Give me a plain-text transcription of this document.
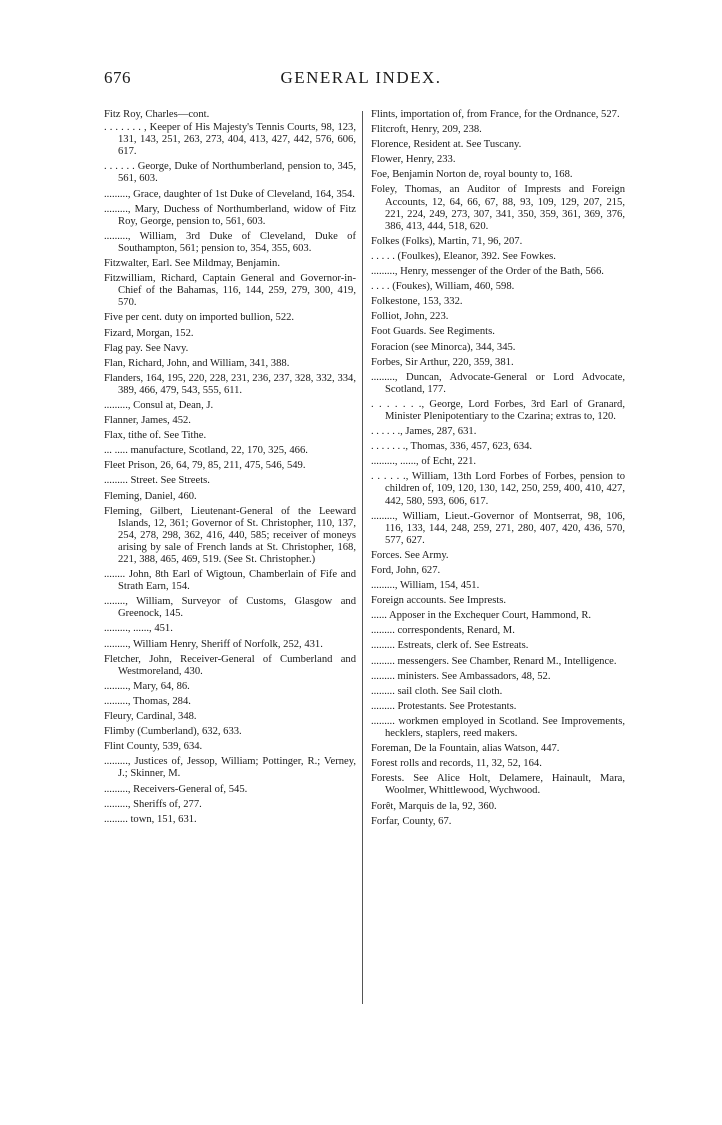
676	GENERAL INDEX.
Fitz Roy, Charles—cont.
. . . . . . . , Keeper of His Majesty's Tennis Courts, 98, 123, 131, 143, 251, 263, 273, 404, 413, 427, 442, 576, 606, 617.
. . . . . . George, Duke of Northumberland, pension to, 345, 561, 603.
........., Grace, daughter of 1st Duke of Cleveland, 164, 354.
........., Mary, Duchess of Northumberland, widow of Fitz Roy, George, pension to, 561, 603.
........., William, 3rd Duke of Cleveland, Duke of Southampton, 561; pension to, 354, 355, 603.
Fitzwalter, Earl. See Mildmay, Benjamin.
Fitzwilliam, Richard, Captain General and Governor-in-Chief of the Bahamas, 116, 144, 259, 279, 300, 419, 570.
Five per cent. duty on imported bullion, 522.
Fizard, Morgan, 152.
Flag pay. See Navy.
Flan, Richard, John, and William, 341, 388.
Flanders, 164, 195, 220, 228, 231, 236, 237, 328, 332, 334, 389, 466, 479, 543, 555, 611.
........., Consul at, Dean, J.
Flanner, James, 452.
Flax, tithe of. See Tithe.
... ..... manufacture, Scotland, 22, 170, 325, 466.
Fleet Prison, 26, 64, 79, 85, 211, 475, 546, 549.
......... Street. See Streets.
Fleming, Daniel, 460.
Fleming, Gilbert, Lieutenant-General of the Leeward Islands, 12, 361; Governor of St. Christopher, 110, 137, 254, 278, 298, 362, 416, 440, 585; receiver of moneys arising by sale of French lands at St. Christopher, 168, 221, 388, 465, 469, 519. (See St. Christopher.)
........ John, 8th Earl of Wigtoun, Chamberlain of Fife and Strath Earn, 154.
........, William, Surveyor of Customs, Glasgow and Greenock, 145.
........., ......, 451.
........., William Henry, Sheriff of Norfolk, 252, 431.
Fletcher, John, Receiver-General of Cumberland and Westmoreland, 430.
........., Mary, 64, 86.
........., Thomas, 284.
Fleury, Cardinal, 348.
Flimby (Cumberland), 632, 633.
Flint County, 539, 634.
........., Justices of, Jessop, William; Pottinger, R.; Verney, J.; Skinner, M.
........., Receivers-General of, 545.
........., Sheriffs of, 277.
......... town, 151, 631.
Flints, importation of, from France, for the Ordnance, 527.
Flitcroft, Henry, 209, 238.
Florence, Resident at. See Tuscany.
Flower, Henry, 233.
Foe, Benjamin Norton de, royal bounty to, 168.
Foley, Thomas, an Auditor of Imprests and Foreign Accounts, 12, 64, 66, 67, 88, 93, 109, 129, 207, 215, 221, 224, 249, 273, 307, 341, 350, 359, 361, 369, 376, 386, 413, 444, 518, 620.
Folkes (Folks), Martin, 71, 96, 207.
. . . . . (Foulkes), Eleanor, 392. See Fowkes.
........., Henry, messenger of the Order of the Bath, 566.
. . . . (Foukes), William, 460, 598.
Folkestone, 153, 332.
Folliot, John, 223.
Foot Guards. See Regiments.
Foracion (see Minorca), 344, 345.
Forbes, Sir Arthur, 220, 359, 381.
........., Duncan, Advocate-General or Lord Advocate, Scotland, 177.
. . . . . . ., George, Lord Forbes, 3rd Earl of Granard, Minister Plenipotentiary to the Czarina; extras to, 120.
. . . . . ., James, 287, 631.
. . . . . . ., Thomas, 336, 457, 623, 634.
........., ......, of Echt, 221.
. . . . . ., William, 13th Lord Forbes of Forbes, pension to children of, 109, 120, 130, 142, 250, 259, 400, 410, 427, 442, 580, 593, 606, 617.
........., William, Lieut.-Governor of Montserrat, 98, 106, 116, 133, 144, 248, 259, 271, 280, 407, 420, 436, 570, 577, 627.
Forces. See Army.
Ford, John, 627.
........., William, 154, 451.
Foreign accounts. See Imprests.
...... Apposer in the Exchequer Court, Hammond, R.
......... correspondents, Renard, M.
......... Estreats, clerk of. See Estreats.
......... messengers. See Chamber, Renard M., Intelligence.
......... ministers. See Ambassadors, 48, 52.
......... sail cloth. See Sail cloth.
......... Protestants. See Protestants.
......... workmen employed in Scotland. See Improvements, hecklers, staplers, reed makers.
Foreman, De la Fountain, alias Watson, 447.
Forest rolls and records, 11, 32, 52, 164.
Forests. See Alice Holt, Delamere, Hainault, Mara, Woolmer, Whittlewood, Wychwood.
Forêt, Marquis de la, 92, 360.
Forfar, County, 67.
